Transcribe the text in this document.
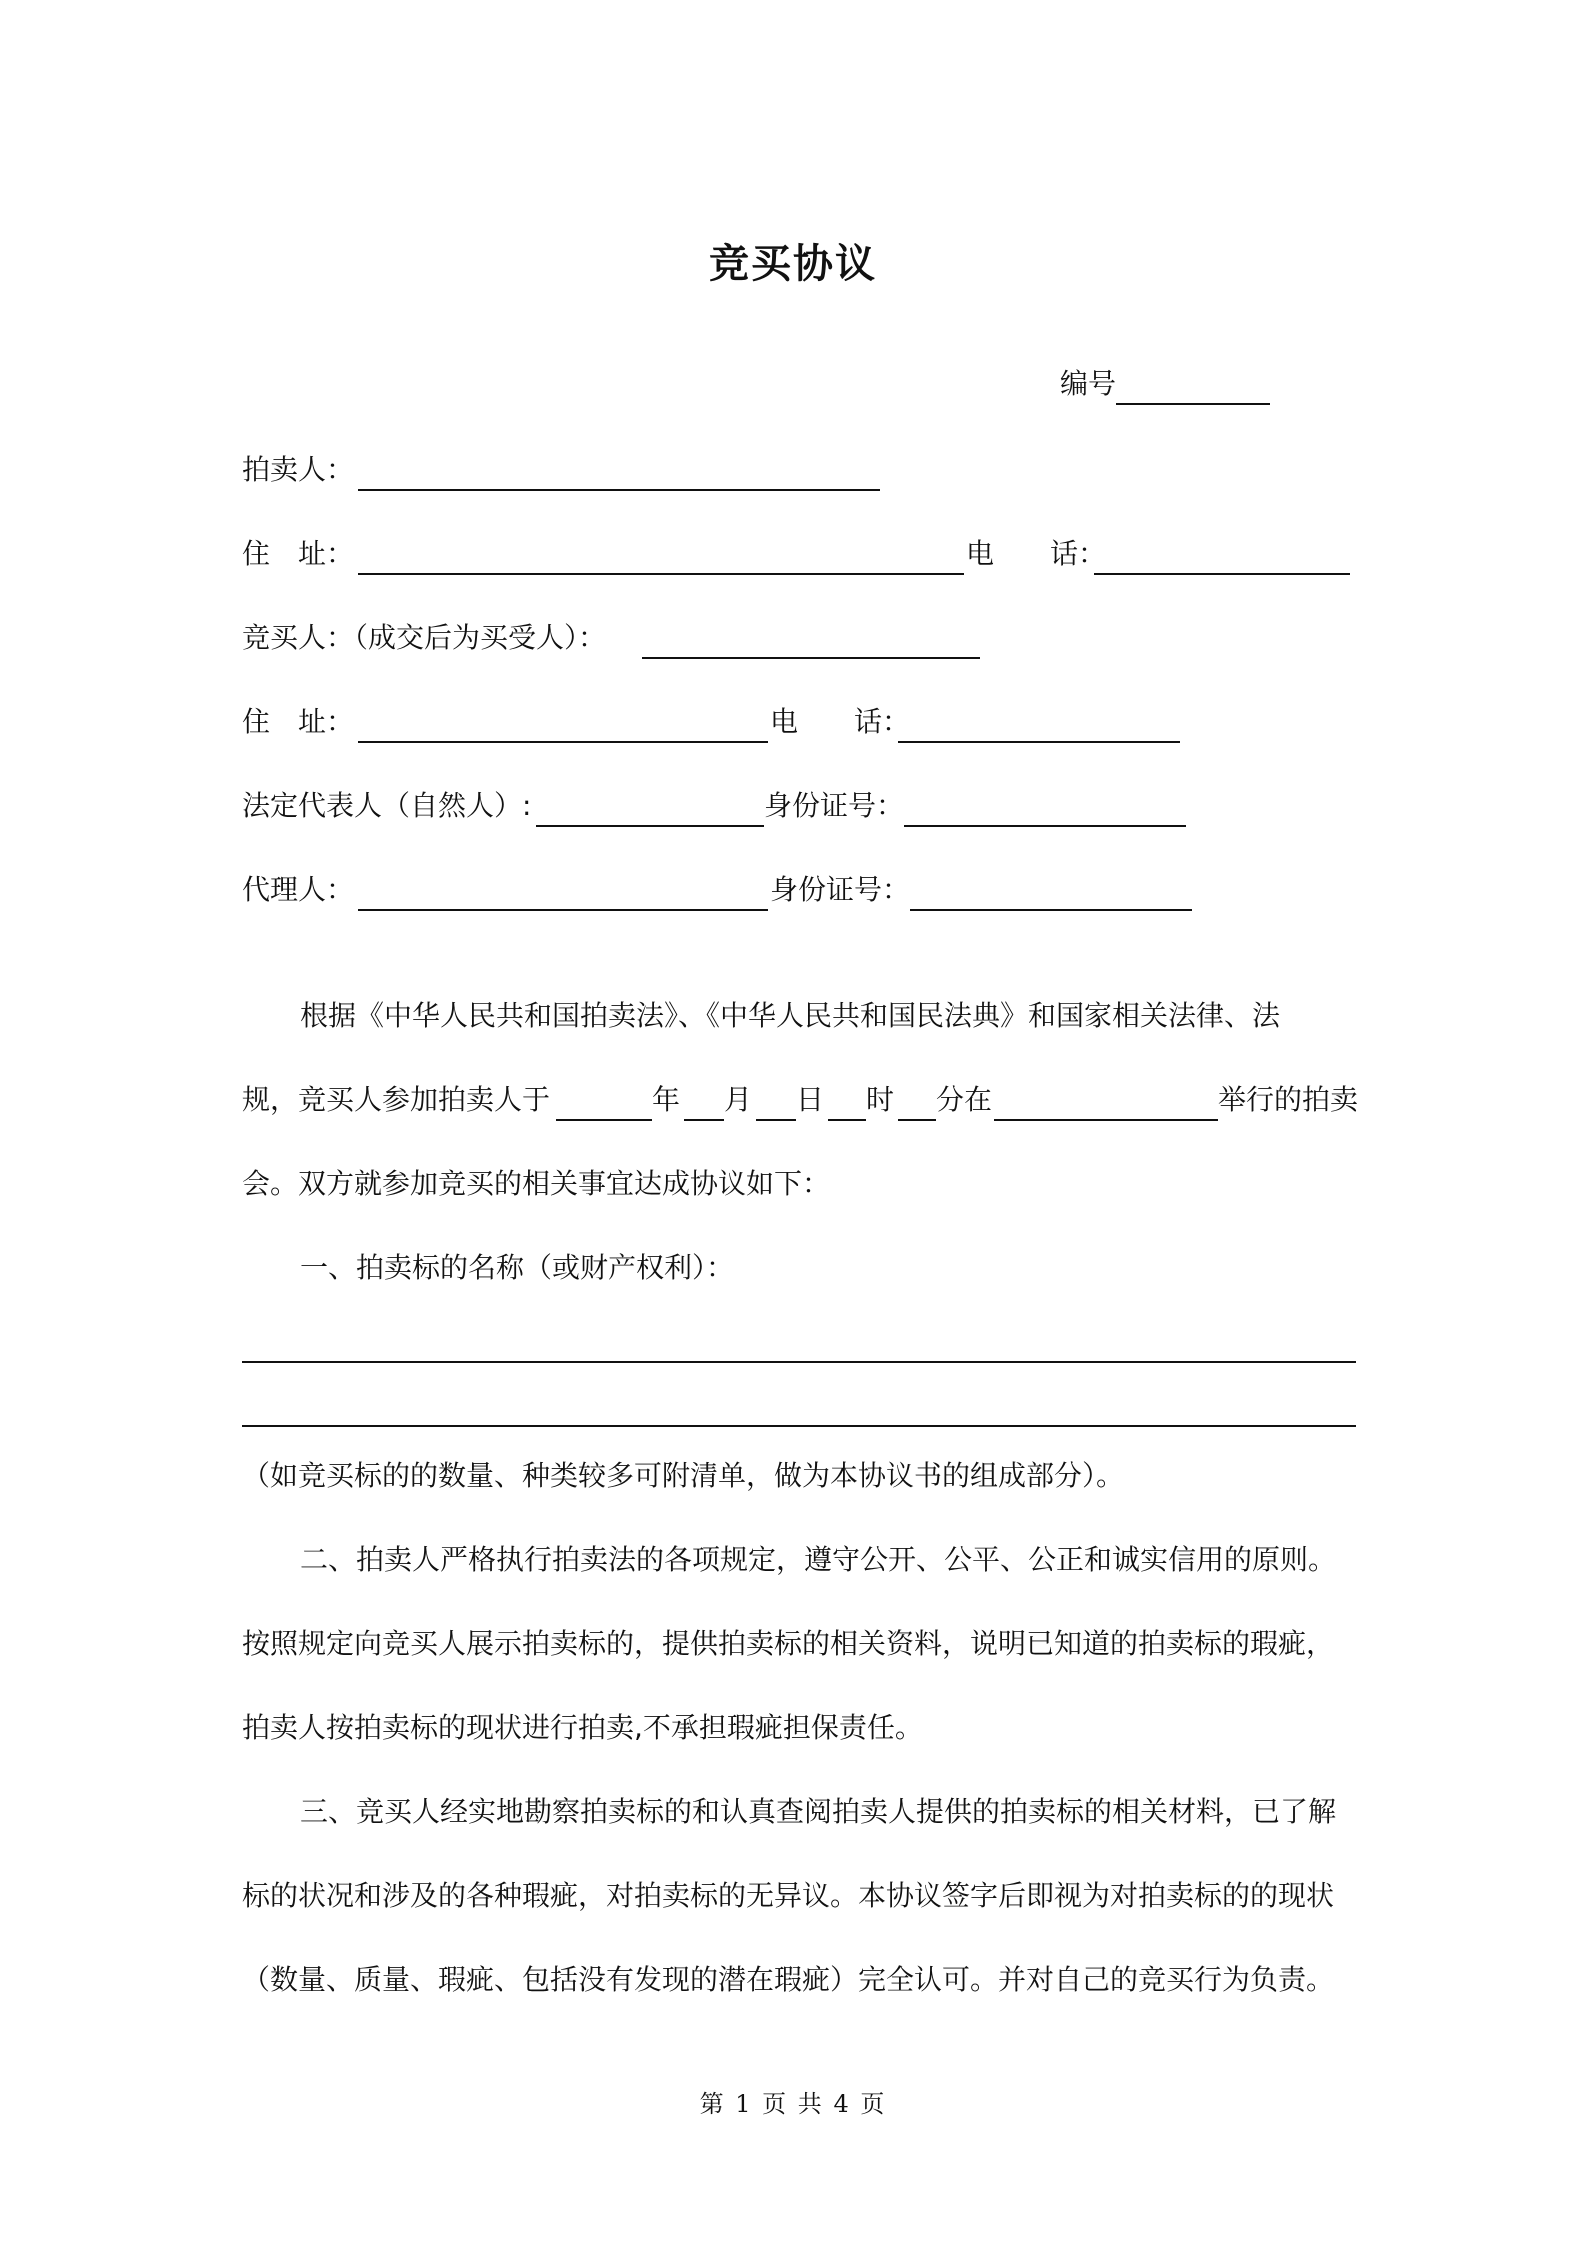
竞买协议
编号
拍卖人：
住　址：	电　　话：
竞买人：（成交后为买受人）：
住　址：	电　　话：
法定代表人（自然人）:	身份证号：
代理人：	身份证号：
根据《中华人民共和国拍卖法》、《中华人民共和国民法典》和国家相关法律、法
规，竞买人参加拍卖人于	年 月 日 时 分在	举行的拍卖
会。双方就参加竞买的相关事宜达成协议如下：
一、拍卖标的名称（或财产权利）：
（如竞买标的的数量、种类较多可附清单，做为本协议书的组成部分）。
二、拍卖人严格执行拍卖法的各项规定，遵守公开、公平、公正和诚实信用的原则。
按照规定向竞买人展示拍卖标的，提供拍卖标的相关资料，说明已知道的拍卖标的瑕疵，
拍卖人按拍卖标的现状进行拍卖,不承担瑕疵担保责任。
三、竞买人经实地勘察拍卖标的和认真查阅拍卖人提供的拍卖标的相关材料，已了解
标的状况和涉及的各种瑕疵，对拍卖标的无异议。本协议签字后即视为对拍卖标的的现状
（数量、质量、瑕疵、包括没有发现的潜在瑕疵）完全认可。并对自己的竞买行为负责。
第 1 页 共 4 页
